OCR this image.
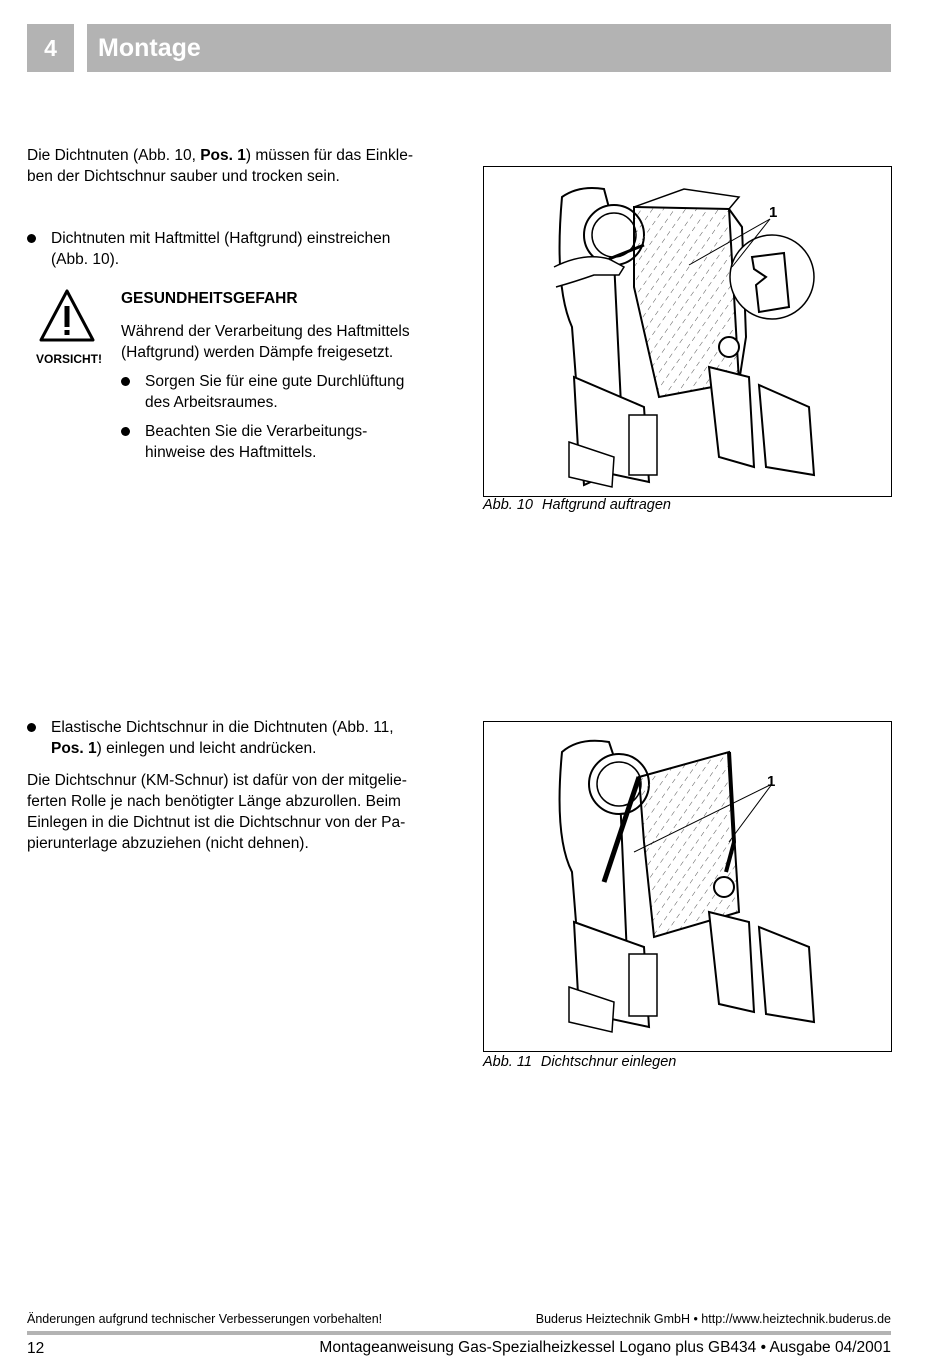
4	Montage

Die Dichtnuten (Abb. 10, Pos. 1) müssen für das Einkle-

ben der Dichtschnur sauber und trocken sein.

Dichtnuten mit Haftmittel (Haftgrund) einstreichen

(Abb. 10).

VORSICHT!
GESUNDHEITSGEFAHR

Während der Verarbeitung des Haftmittels

(Haftgrund) werden Dämpfe freigesetzt.

Sorgen Sie für eine gute Durchlüftung

des Arbeitsraumes.

Beachten Sie die Verarbeitungs-

hinweise des Haftmittels.

1
Abb. 10 Haftgrund auftragen

Elastische Dichtschnur in die Dichtnuten (Abb. 11,

Pos. 1) einlegen und leicht andrücken.

Die Dichtschnur (KM-Schnur) ist dafür von der mitgelie-

ferten Rolle je nach benötigter Länge abzurollen. Beim

Einlegen in die Dichtnut ist die Dichtschnur von der Pa-

pierunterlage abzuziehen (nicht dehnen).

1
Abb. 11 Dichtschnur einlegen
Änderungen aufgrund technischer Verbesserungen vorbehalten!	Buderus Heiztechnik GmbH • http://www.heiztechnik.buderus.de
12	Montageanweisung Gas-Spezialheizkessel Logano plus GB434 • Ausgabe 04/2001
